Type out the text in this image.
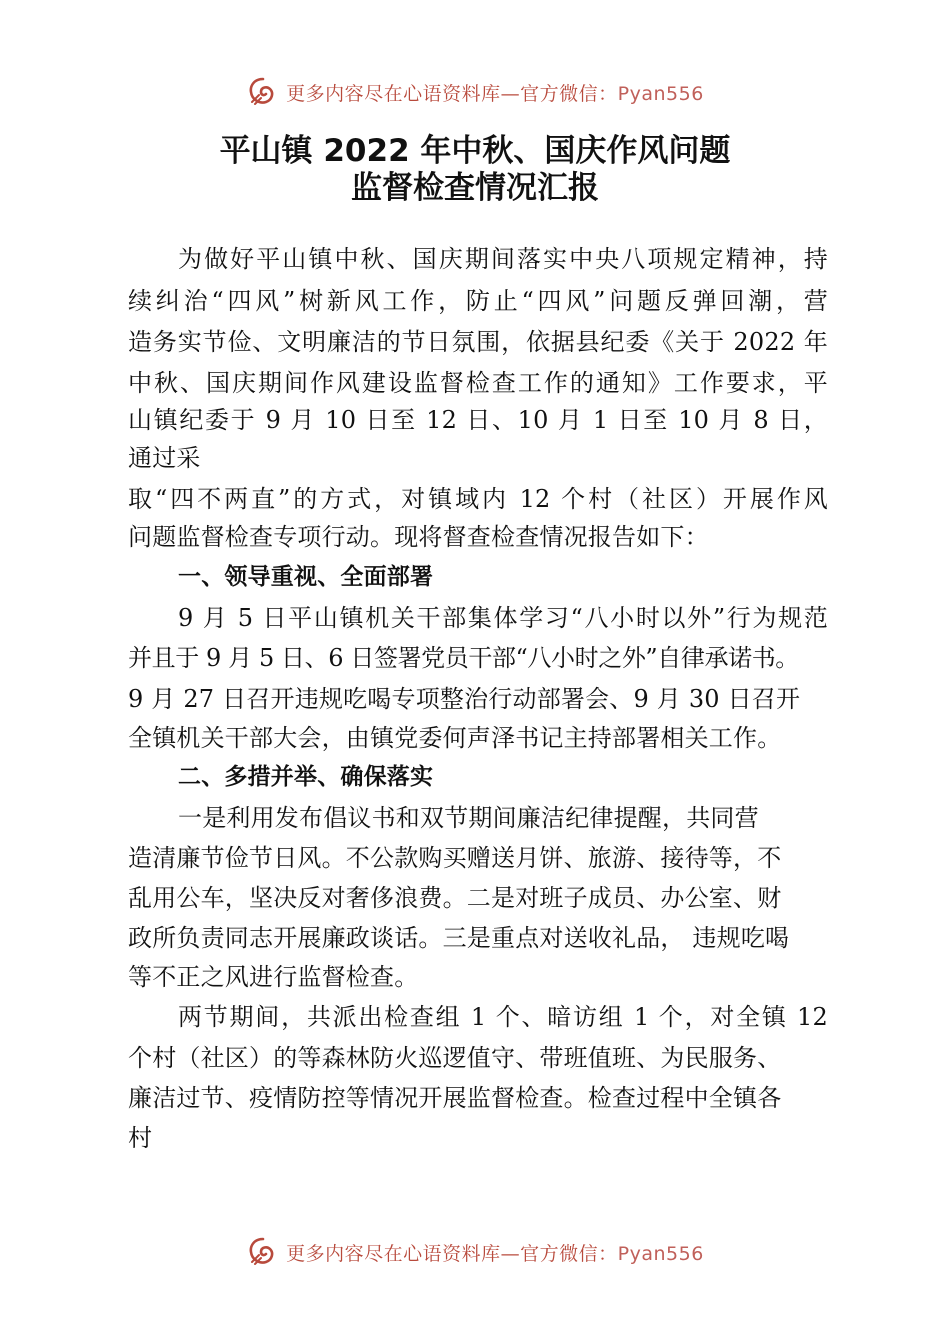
更多内容尽在心语资料库—官方微信：Pyan556
平山镇 2022 年中秋、国庆作风问题
监督检查情况汇报
为做好平山镇中秋、国庆期间落实中央八项规定精神，持
续纠治“四风”树新风工作，防止“四风”问题反弹回潮，营
造务实节俭、文明廉洁的节日氛围，依据县纪委《关于 2022 年
中秋、国庆期间作风建设监督检查工作的通知》工作要求，平
山镇纪委于 9 月 10 日至 12 日、10 月 1 日至 10 月 8 日，
通过采
取“四不两直”的方式，对镇域内 12 个村（社区）开展作风
问题监督检查专项行动。现将督查检查情况报告如下：
一、领导重视、全面部署
9 月 5 日平山镇机关干部集体学习“八小时以外”行为规范
并且于 9 月 5 日、6 日签署党员干部“八小时之外”自律承诺书。
9 月 27 日召开违规吃喝专项整治行动部署会、9 月 30 日召开
全镇机关干部大会，由镇党委何声泽书记主持部署相关工作。
二、多措并举、确保落实
一是利用发布倡议书和双节期间廉洁纪律提醒，共同营
造清廉节俭节日风。不公款购买赠送月饼、旅游、接待等，不
乱用公车，坚决反对奢侈浪费。二是对班子成员、办公室、财
政所负责同志开展廉政谈话。三是重点对送收礼品， 违规吃喝
等不正之风进行监督检查。
两节期间，共派出检查组 1 个、暗访组 1 个，对全镇 12
个村（社区）的等森林防火巡逻值守、带班值班、为民服务、
廉洁过节、疫情防控等情况开展监督检查。检查过程中全镇各
村
更多内容尽在心语资料库—官方微信：Pyan556
